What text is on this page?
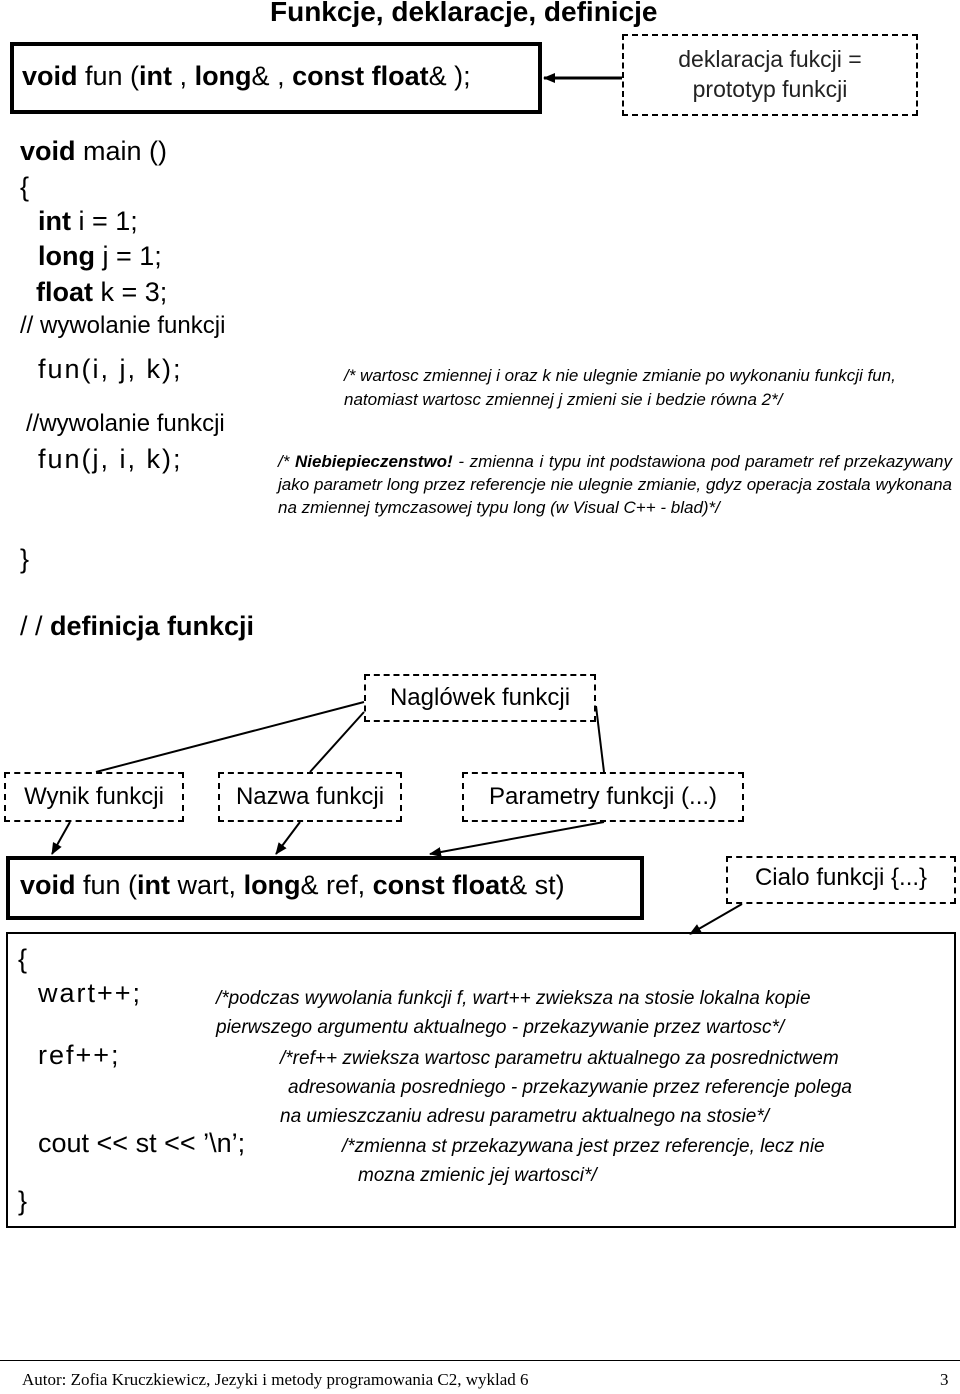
Funkcje, deklaracje, definicje
void fun (int , long& , const float& );
deklaracja fukcji =
prototyp funkcji
void main ()
{
int i = 1;
long j = 1;
float k = 3;
// wywolanie funkcji
fun(i, j, k);
//wywolanie funkcji
fun(j, i, k);
}
/* wartosc zmiennej i oraz k nie ulegnie zmianie po wykonaniu funkcji fun,
natomiast wartosc zmiennej j zmieni sie i bedzie równa 2*/
/* Niebiepieczenstwo! - zmienna i typu int podstawiona pod parametr ref przekazywany jako parametr long przez referencje nie ulegnie zmianie, gdyz operacja zostala wykonana na zmiennej tymczasowej typu long (w Visual C++ - blad)*/
/ / definicja funkcji
Naglówek funkcji
Wynik funkcji	Nazwa funkcji	Parametry funkcji (...)
void fun (int wart, long& ref, const float& st)	Cialo funkcji {...}
{
wart++;
ref++;
cout << st << ’\n’;
}
/*podczas wywolania funkcji f, wart++ zwieksza na stosie lokalna kopie
pierwszego argumentu aktualnego - przekazywanie przez wartosc*/
/*ref++ zwieksza wartosc parametru aktualnego za posrednictwem
adresowania posredniego - przekazywanie przez referencje polega
na umieszczaniu adresu parametru aktualnego na stosie*/
/*zmienna st przekazywana jest przez referencje, lecz nie
mozna zmienic jej wartosci*/
Autor: Zofia Kruczkiewicz, Jezyki i metody programowania C2, wyklad 6	3
